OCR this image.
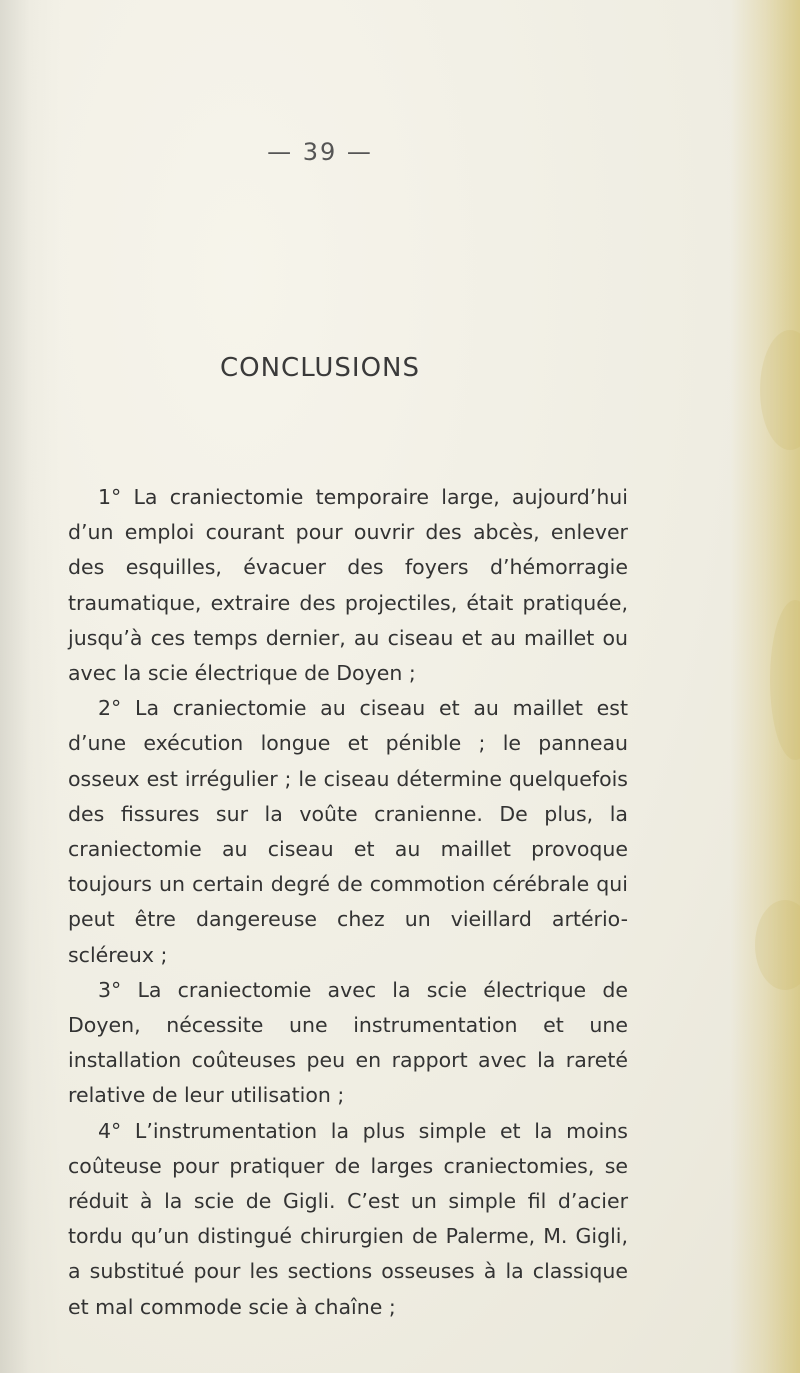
— 39 —
CONCLUSIONS

1° La craniectomie temporaire large, aujourd’hui d’un emploi courant pour ouvrir des abcès, enlever des esquilles, évacuer des foyers d’hémorragie traumatique, extraire des projectiles, était pratiquée, jusqu’à ces temps dernier, au ciseau et au maillet ou avec la scie électrique de Doyen ;

2° La craniectomie au ciseau et au maillet est d’une exécution longue et pénible ; le panneau osseux est irrégulier ; le ciseau détermine quelquefois des fissures sur la voûte cranienne. De plus, la craniectomie au ciseau et au maillet provoque toujours un certain degré de commotion cérébrale qui peut être dangereuse chez un vieillard artério-scléreux ;

3° La craniectomie avec la scie électrique de Doyen, nécessite une instrumentation et une installation coûteuses peu en rapport avec la rareté relative de leur utilisation ;

4° L’instrumentation la plus simple et la moins coûteuse pour pratiquer de larges craniectomies, se réduit à la scie de Gigli. C’est un simple fil d’acier tordu qu’un distingué chirurgien de Palerme, M. Gigli, a substitué pour les sections osseuses à la classique et mal commode scie à chaîne ;
